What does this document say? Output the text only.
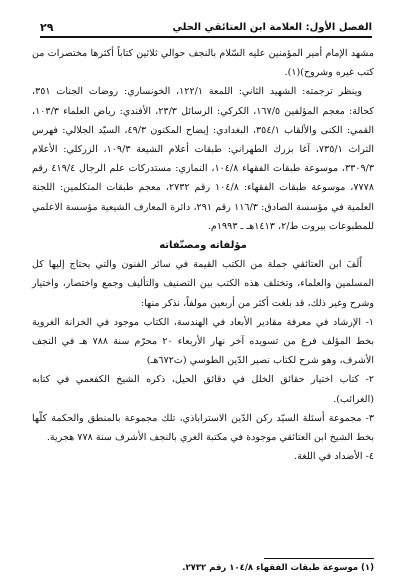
الفصل الأول: العلامة ابن العتائقي الحلي
٢٩

مشهد الإمام أمير المؤمنين عليه السّلام بالنجف حوالي ثلاثين كتاباً أكثرها مختصرات من كتب غيره وشروح)(١).

وينظر ترجمته: الشهيد الثاني: اللمعة ١٢٢/١، الخونساري: روضات الجنات ٣٥١، كحالة: معجم المؤلفين ١٦٧/٥، الكركي: الرسائل ٢٣/٣، الأفندي: رياض العلماء ١٠٣/٣، القمي: الكنى والألقاب ٣٥٤/١، البغدادي: إيضاح المكنون ٤٩/٣، السيّد الجلالي: فهرس التراث ٧٣٥/١، آغا بزرك الطهراني: طبقات أعلام الشيعة ١٠٩/٣، الزركلي: الأعلام ٣٣٠٩/٣، موسوعة طبقات الفقهاء ١٠٤/٨، النمازي: مستدركات علم الرجال ٤١٩/٤ رقم ٧٧٧٨، موسوعة طبقات الفقهاء: ١٠٤/٨ رقم ٢٧٣٢، معجم طبقات المتكلمين: اللجنة العلمية في مؤسسة الصادق: ١١٦/٣ رقم ٢٩١، دائرة المعارف الشيعية مؤسسة الاعلمي للمطبوعات بيروت ط/٢، ١٤١٣هـ ـ ١٩٩٣م.

مؤلفاته ومصنّفاته

أَلَفَ ابن العتائقي جملة من الكتب القيمة في سائر الفنون والتي يحتاج إليها كل المسلمين والعلماء، وتختلف هذه الكتب بين التصنيف والتأليف وجمع واختصار، واختيار وشرح وغير ذلك، قد بلغت أكثر من أربعين مولفاً، نذكر منها:

١- الإرشاد في معرفة مقادير الأبعاد في الهندسة، الكتاب موجود في الخزانة الغروية بخط المؤلف فرغ من تسويده آخر نهار الأربعاء ٢٠ محرّم سنة ٧٨٨ هـ في النجف الأشرف، وهو شرح لكتاب نصير الدّين الطوسي (ت٦٧٢هـ)

٢- كتاب اختيار حقائق الخلل في دقائق الحيل، ذكره الشيخ الكفعمي في كتابه (الغرائب).

٣- مجموعة أسئلة السيّد ركن الدّين الاستراباذي، تلك مجموعة بالمنطق والحكمة كلّها بخط الشيخ ابن العتائقي موجودة في مكتبة الغري بالنجف الأشرف سنة ٧٧٨ هجرية.

٤- الأضداد في اللغة.

(١) موسوعة طبقات الفقهاء ١٠٤/٨ رقم ٢٧٣٢.
